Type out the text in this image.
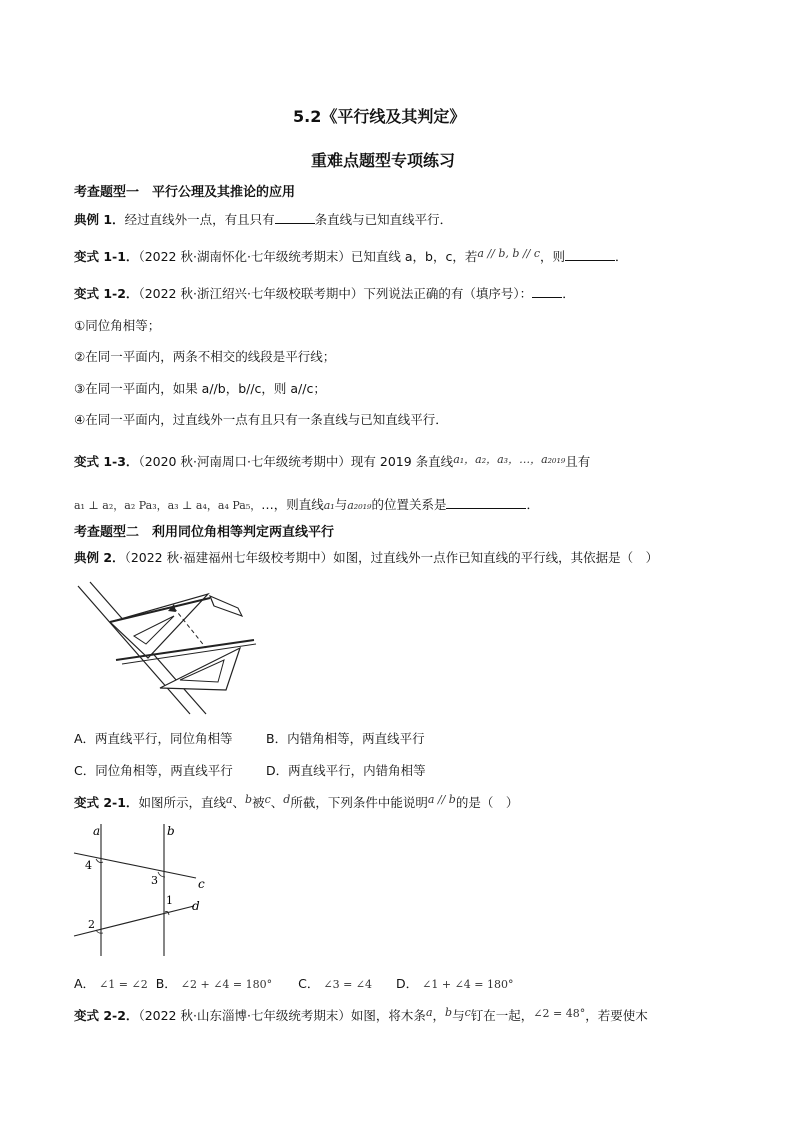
5.2《平行线及其判定》
重难点题型专项练习
考查题型一　平行公理及其推论的应用
典例 1．经过直线外一点，有且只有	条直线与已知直线平行．
变式 1-1．（2022 秋·湖南怀化·七年级统考期末）已知直线 a，b，c，若a // b, b // c，则	．
变式 1-2．（2022 秋·浙江绍兴·七年级校联考期中）下列说法正确的有（填序号）： ．
①同位角相等；
②在同一平面内，两条不相交的线段是平行线；
③在同一平面内，如果 a//b，b//c，则 a//c；
④在同一平面内，过直线外一点有且只有一条直线与已知直线平行．
变式 1-3．（2020 秋·河南周口·七年级统考期中）现有 2019 条直线a₁，a₂，a₃，…，a₂₀₁₉且有
a₁ ⊥ a₂，a₂ Pa₃，a₃ ⊥ a₄，a₄ Pa₅，…，则直线a₁与a₂₀₁₉的位置关系是	．
考查题型二　利用同位角相等判定两直线平行
典例 2．（2022 秋·福建福州七年级校考期中）如图，过直线外一点作已知直线的平行线，其依据是（　）
A．两直线平行，同位角相等	B．内错角相等，两直线平行
C．同位角相等，两直线平行	D．两直线平行，内错角相等
变式 2-1．如图所示，直线a、b被c、d所截，下列条件中能说明a // b的是（　）
a	b
c
d
4
3
1
2
A． ∠1 = ∠2 B． ∠2 + ∠4 = 180° C． ∠3 = ∠4 D． ∠1 + ∠4 = 180°
变式 2-2．（2022 秋·山东淄博·七年级统考期末）如图，将木条a，b与c钉在一起，∠2 = 48°，若要使木
